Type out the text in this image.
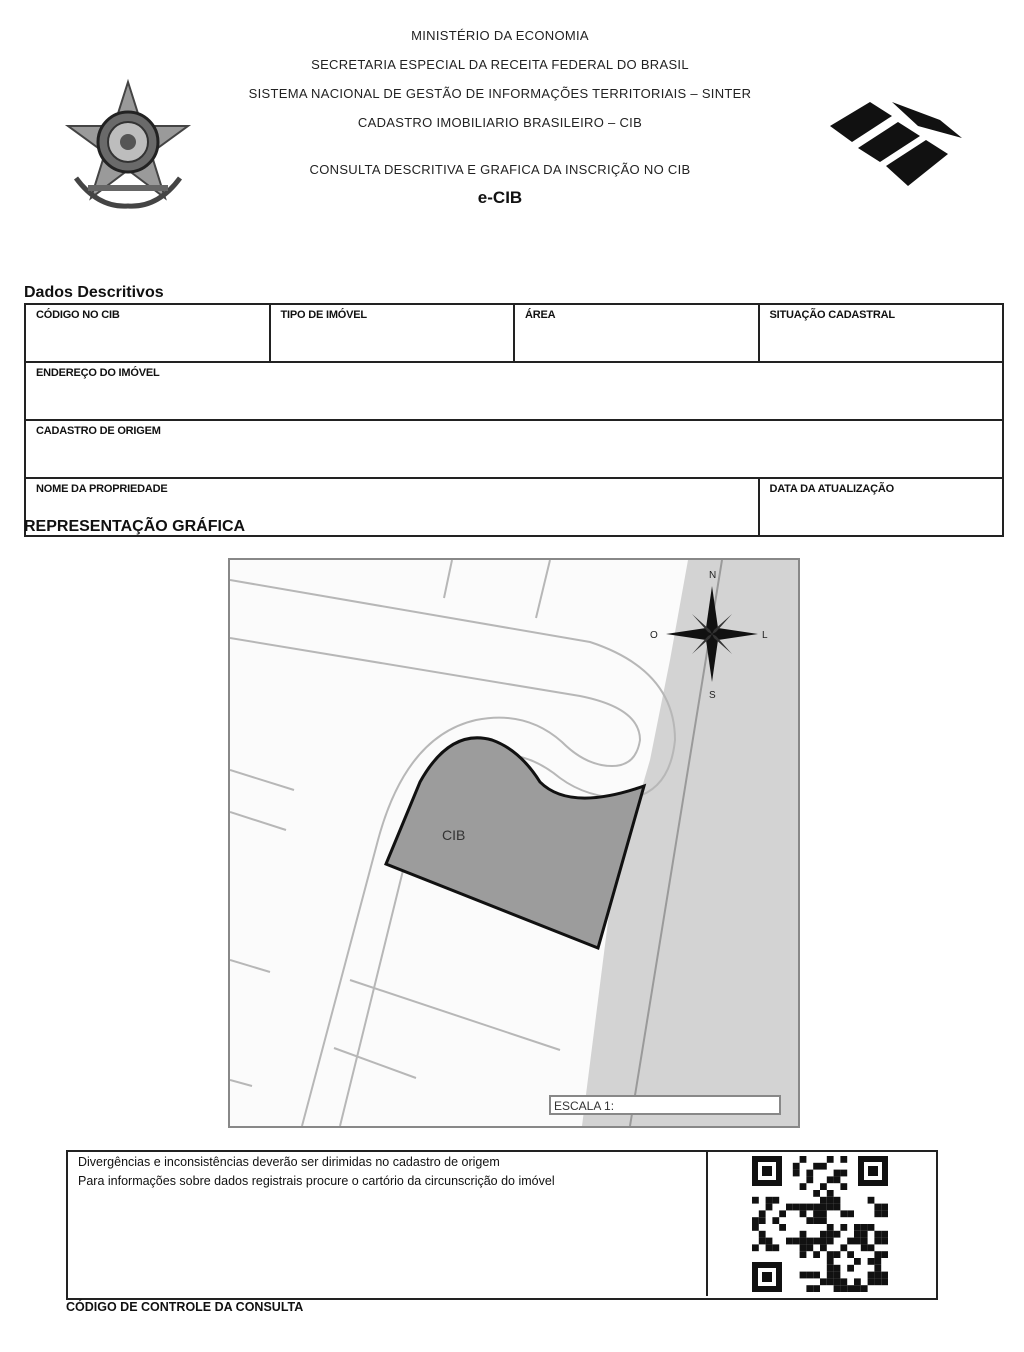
MINISTÉRIO DA ECONOMIA
SECRETARIA ESPECIAL DA RECEITA FEDERAL DO BRASIL
SISTEMA NACIONAL DE GESTÃO DE INFORMAÇÕES TERRITORIAIS – SINTER
CADASTRO IMOBILIARIO BRASILEIRO – CIB
CONSULTA DESCRITIVA E GRAFICA DA INSCRIÇÃO NO CIB
e-CIB
Dados Descritivos
CÓDIGO NO CIB	TIPO DE IMÓVEL	ÁREA	SITUAÇÃO CADASTRAL
ENDEREÇO DO IMÓVEL			
CADASTRO DE ORIGEM			
NOME DA PROPRIEDADE			DATA DA ATUALIZAÇÃO
REPRESENTAÇÃO GRÁFICA
CIB
N
S
L
O
ESCALA 1:
Divergências e inconsistências deverão ser dirimidas no cadastro de origem
Para informações sobre dados registrais procure o cartório da circunscrição do imóvel
CÓDIGO DE CONTROLE DA CONSULTA
